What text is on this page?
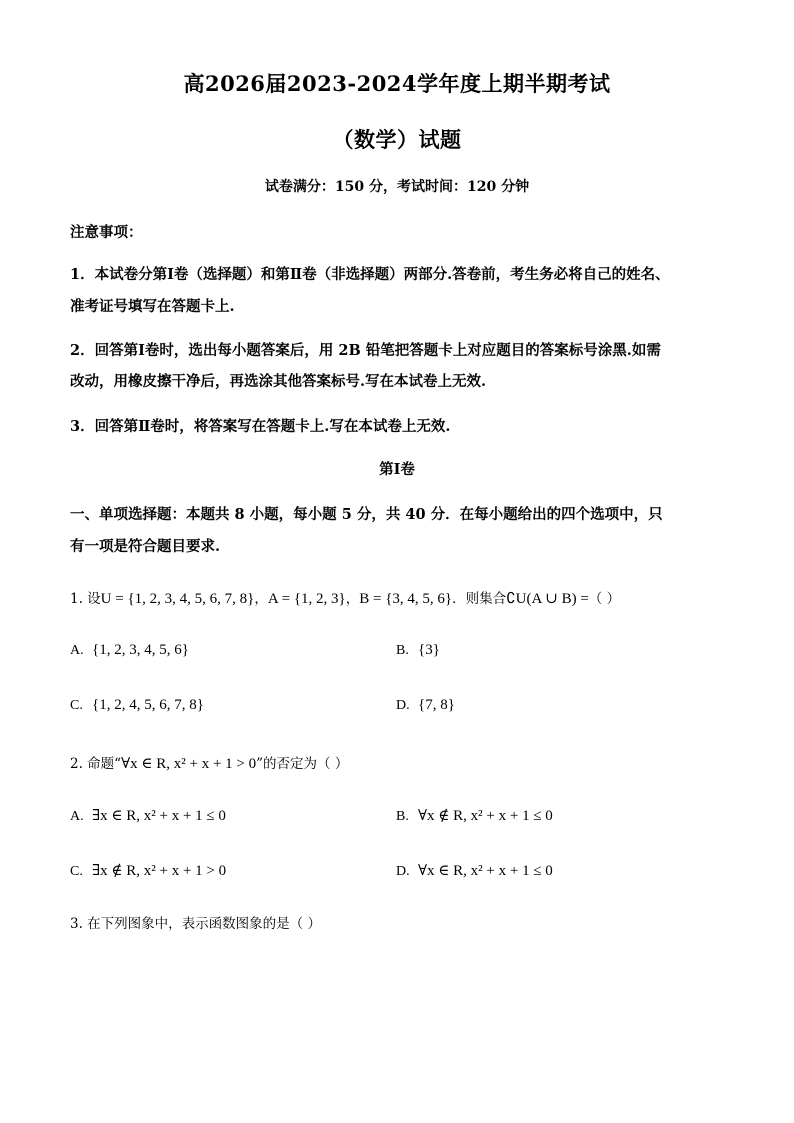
高2026届2023-2024学年度上期半期考试
（数学）试题
试卷满分：150 分，考试时间：120 分钟
注意事项：
1．本试卷分第Ⅰ卷（选择题）和第Ⅱ卷（非选择题）两部分.答卷前，考生务必将自己的姓名、
准考证号填写在答题卡上.
2．回答第Ⅰ卷时，选出每小题答案后，用 2B 铅笔把答题卡上对应题目的答案标号涂黑.如需
改动，用橡皮擦干净后，再选涂其他答案标号.写在本试卷上无效.
3．回答第Ⅱ卷时，将答案写在答题卡上.写在本试卷上无效.
第Ⅰ卷
一、单项选择题：本题共 8 小题，每小题 5 分，共 40 分．在每小题给出的四个选项中，只
有一项是符合题目要求.
1. 设U = {1, 2, 3, 4, 5, 6, 7, 8}，A = {1, 2, 3}，B = {3, 4, 5, 6}．则集合∁U(A ∪ B) =（ ）
A. {1, 2, 3, 4, 5, 6}	B. {3}
C. {1, 2, 4, 5, 6, 7, 8}	D. {7, 8}
2. 命题“∀x ∈ R, x² + x + 1 > 0”的否定为（ ）
A. ∃x ∈ R, x² + x + 1 ≤ 0	B. ∀x ∉ R, x² + x + 1 ≤ 0
C. ∃x ∉ R, x² + x + 1 > 0	D. ∀x ∈ R, x² + x + 1 ≤ 0
3. 在下列图象中，表示函数图象的是（ ）
